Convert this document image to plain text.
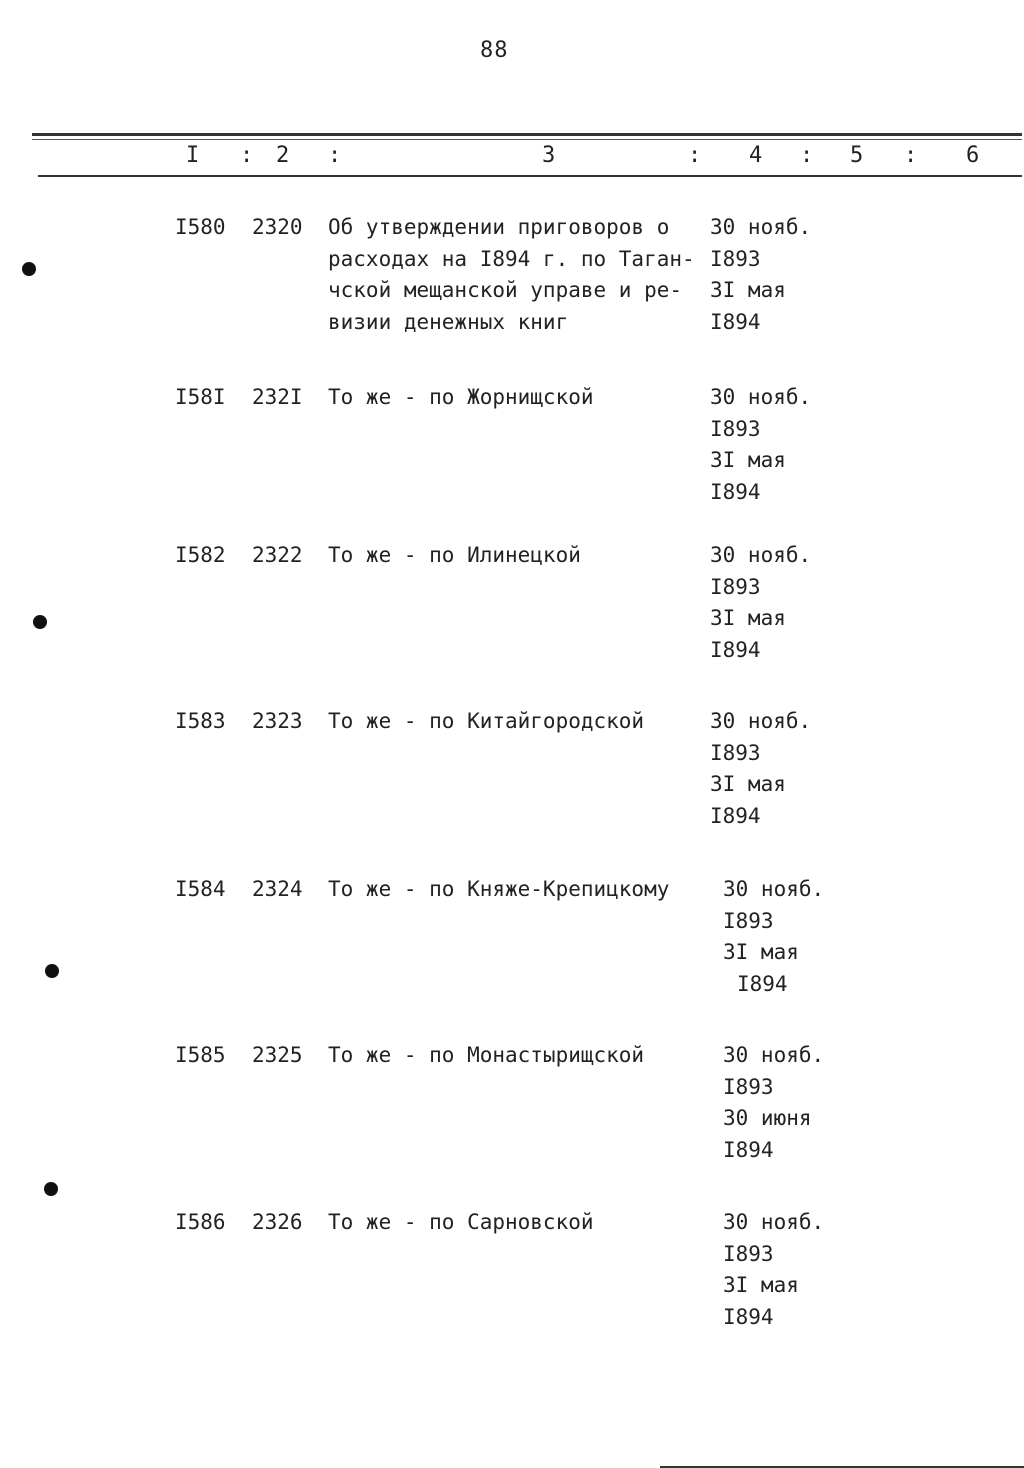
88
I : 2 :	3	: 4 : 5 : 6
I580 2320 Об утверждении приговоров о
расходах на I894 г. по Таган-
чской мещанской управе и ре-
визии денежных книг
30 нояб.
I893
3I мая
I894
I58I 232I То же - по Жорнищской	30 нояб.
I893
3I мая
I894
I582 2322 То же - по Илинецкой	30 нояб.
I893
3I мая
I894
I583 2323 То же - по Китайгородской	30 нояб.
I893
3I мая
I894
I584 2324 То же - по Княже-Крепицкому	30 нояб.
I893
3I мая
I894
I585 2325 То же - по Монастырищской	30 нояб.
I893
30 июня
I894
I586 2326 То же - по Сарновской	30 нояб.
I893
3I мая
I894
